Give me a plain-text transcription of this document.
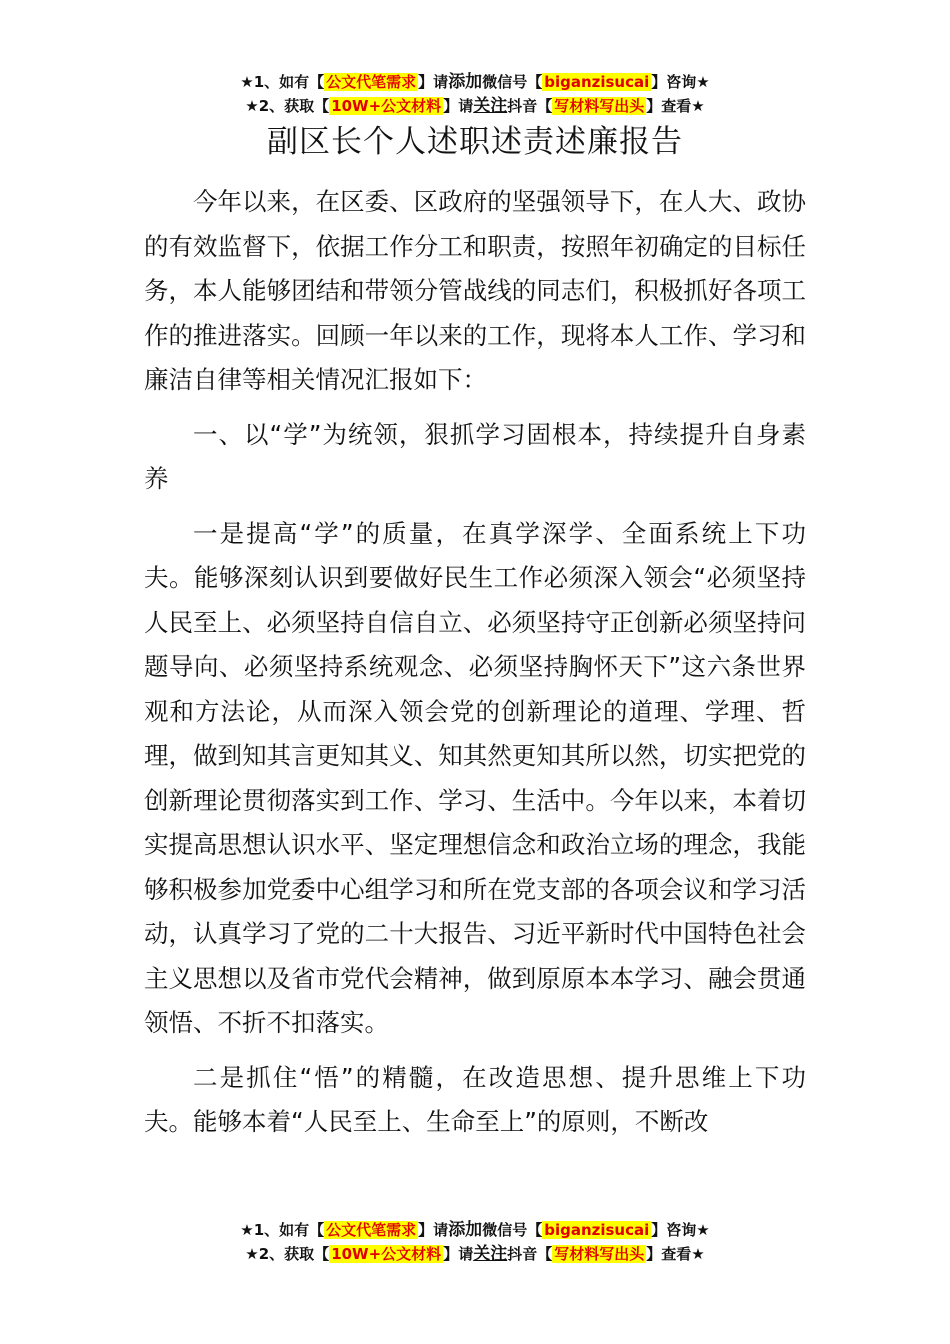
★1、如有【 公文代笔需求 】请添加微信号【 biganzisucai 】咨询★
★2、获取【 10W+公文材料 】请关注抖音【 写材料写出头 】查看★
副区长个人述职述责述廉报告

今年以来，在区委、区政府的坚强领导下，在人大、政协的有效监督下，依据工作分工和职责，按照年初确定的目标任务，本人能够团结和带领分管战线的同志们，积极抓好各项工作的推进落实。回顾一年以来的工作，现将本人工作、学习和廉洁自律等相关情况汇报如下：

一、以“学”为统领，狠抓学习固根本，持续提升自身素养

一是提高“学”的质量，在真学深学、全面系统上下功夫。能够深刻认识到要做好民生工作必须深入领会“必须坚持人民至上、必须坚持自信自立、必须坚持守正创新必须坚持问题导向、必须坚持系统观念、必须坚持胸怀天下”这六条世界观和方法论，从而深入领会党的创新理论的道理、学理、哲理，做到知其言更知其义、知其然更知其所以然，切实把党的创新理论贯彻落实到工作、学习、生活中。今年以来，本着切实提高思想认识水平、坚定理想信念和政治立场的理念，我能够积极参加党委中心组学习和所在党支部的各项会议和学习活动，认真学习了党的二十大报告、习近平新时代中国特色社会主义思想以及省市党代会精神，做到原原本本学习、融会贯通领悟、不折不扣落实。

二是抓住“悟”的精髓，在改造思想、提升思维上下功夫。能够本着“人民至上、生命至上”的原则，不断改

★1、如有【 公文代笔需求 】请添加微信号【 biganzisucai 】咨询★
★2、获取【 10W+公文材料 】请关注抖音【 写材料写出头 】查看★
